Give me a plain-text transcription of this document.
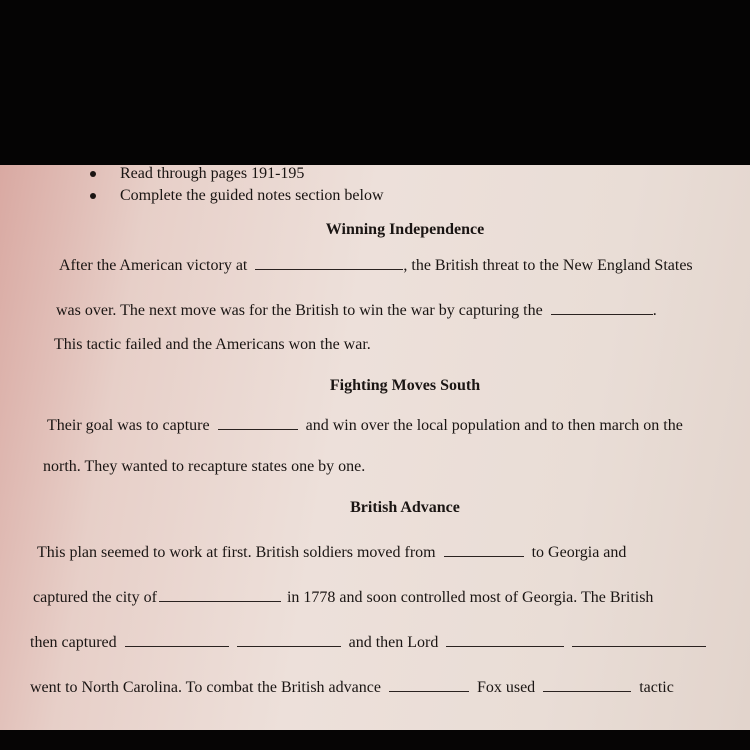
Read through pages 191-195
Complete the guided notes section below
Winning Independence
After the American victory at	, the British threat to the New England States
was over. The next move was for the British to win the war by capturing the	.
This tactic failed and the Americans won the war.
Fighting Moves South
Their goal was to capture	and win over the local population and to then march on the
north. They wanted to recapture states one by one.
British Advance
This plan seemed to work at first. British soldiers moved from	to Georgia and
captured the city of	in 1778 and soon controlled most of Georgia. The British
then captured	and then Lord
went to North Carolina. To combat the British advance	Fox used	tactic
